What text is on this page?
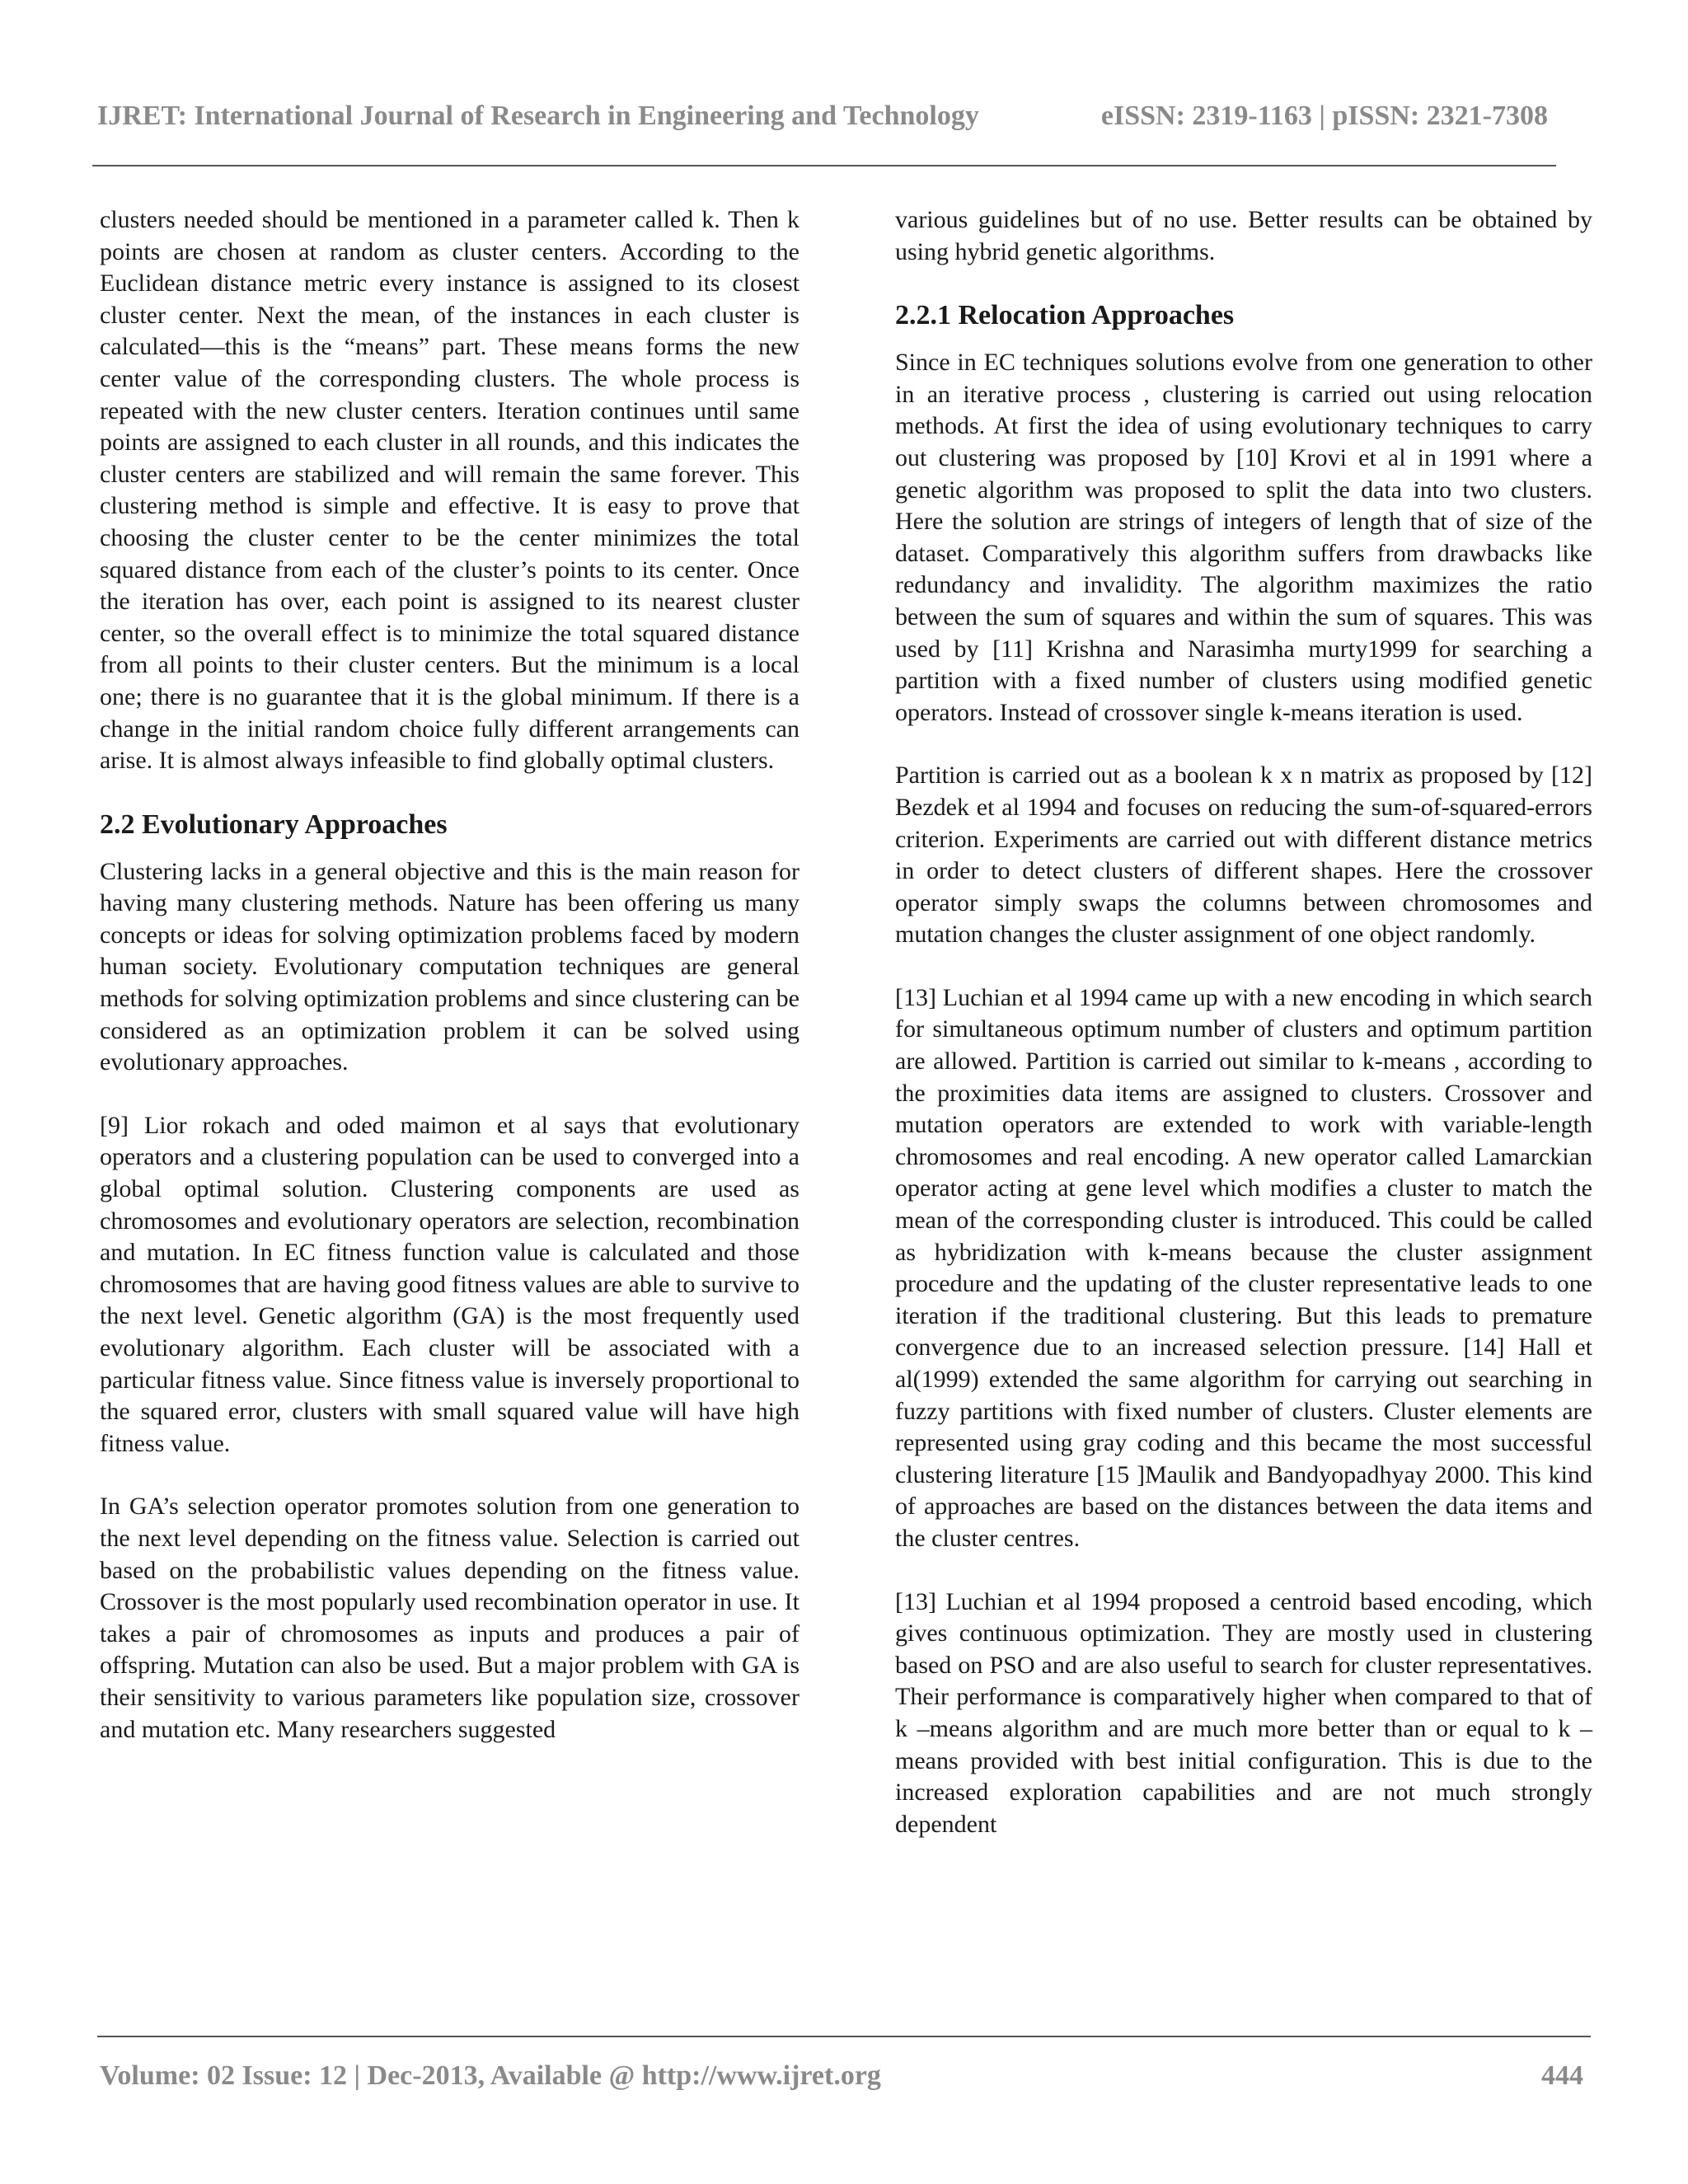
IJRET: International Journal of Research in Engineering and Technology	eISSN: 2319-1163 | pISSN: 2321-7308

clusters needed should be mentioned in a parameter called k. Then k points are chosen at random as cluster centers. According to the Euclidean distance metric every instance is assigned to its closest cluster center. Next the mean, of the instances in each cluster is calculated—this is the “means” part. These means forms the new center value of the corresponding clusters. The whole process is repeated with the new cluster centers. Iteration continues until same points are assigned to each cluster in all rounds, and this indicates the cluster centers are stabilized and will remain the same forever. This clustering method is simple and effective. It is easy to prove that choosing the cluster center to be the center minimizes the total squared distance from each of the cluster’s points to its center. Once the iteration has over, each point is assigned to its nearest cluster center, so the overall effect is to minimize the total squared distance from all points to their cluster centers. But the minimum is a local one; there is no guarantee that it is the global minimum. If there is a change in the initial random choice fully different arrangements can arise. It is almost always infeasible to find globally optimal clusters.

2.2 Evolutionary Approaches

Clustering lacks in a general objective and this is the main reason for having many clustering methods. Nature has been offering us many concepts or ideas for solving optimization problems faced by modern human society. Evolutionary computation techniques are general methods for solving optimization problems and since clustering can be considered as an optimization problem it can be solved using evolutionary approaches.

[9] Lior rokach and oded maimon et al says that evolutionary operators and a clustering population can be used to converged into a global optimal solution. Clustering components are used as chromosomes and evolutionary operators are selection, recombination and mutation. In EC fitness function value is calculated and those chromosomes that are having good fitness values are able to survive to the next level. Genetic algorithm (GA) is the most frequently used evolutionary algorithm. Each cluster will be associated with a particular fitness value. Since fitness value is inversely proportional to the squared error, clusters with small squared value will have high fitness value.

In GA’s selection operator promotes solution from one generation to the next level depending on the fitness value. Selection is carried out based on the probabilistic values depending on the fitness value. Crossover is the most popularly used recombination operator in use. It takes a pair of chromosomes as inputs and produces a pair of offspring. Mutation can also be used. But a major problem with GA is their sensitivity to various parameters like population size, crossover and mutation etc. Many researchers suggested

various guidelines but of no use. Better results can be obtained by using hybrid genetic algorithms.

2.2.1 Relocation Approaches

Since in EC techniques solutions evolve from one generation to other in an iterative process , clustering is carried out using relocation methods. At first the idea of using evolutionary techniques to carry out clustering was proposed by [10] Krovi et al in 1991 where a genetic algorithm was proposed to split the data into two clusters. Here the solution are strings of integers of length that of size of the dataset. Comparatively this algorithm suffers from drawbacks like redundancy and invalidity. The algorithm maximizes the ratio between the sum of squares and within the sum of squares. This was used by [11] Krishna and Narasimha murty1999 for searching a partition with a fixed number of clusters using modified genetic operators. Instead of crossover single k-means iteration is used.

Partition is carried out as a boolean k x n matrix as proposed by [12] Bezdek et al 1994 and focuses on reducing the sum-of-squared-errors criterion. Experiments are carried out with different distance metrics in order to detect clusters of different shapes. Here the crossover operator simply swaps the columns between chromosomes and mutation changes the cluster assignment of one object randomly.

[13] Luchian et al 1994 came up with a new encoding in which search for simultaneous optimum number of clusters and optimum partition are allowed. Partition is carried out similar to k-means , according to the proximities data items are assigned to clusters. Crossover and mutation operators are extended to work with variable-length chromosomes and real encoding. A new operator called Lamarckian operator acting at gene level which modifies a cluster to match the mean of the corresponding cluster is introduced. This could be called as hybridization with k-means because the cluster assignment procedure and the updating of the cluster representative leads to one iteration if the traditional clustering. But this leads to premature convergence due to an increased selection pressure. [14] Hall et al(1999) extended the same algorithm for carrying out searching in fuzzy partitions with fixed number of clusters. Cluster elements are represented using gray coding and this became the most successful clustering literature [15 ]Maulik and Bandyopadhyay 2000. This kind of approaches are based on the distances between the data items and the cluster centres.

[13] Luchian et al 1994 proposed a centroid based encoding, which gives continuous optimization. They are mostly used in clustering based on PSO and are also useful to search for cluster representatives. Their performance is comparatively higher when compared to that of k –means algorithm and are much more better than or equal to k –means provided with best initial configuration. This is due to the increased exploration capabilities and are not much strongly dependent

Volume: 02 Issue: 12 | Dec-2013, Available @ http://www.ijret.org	444
